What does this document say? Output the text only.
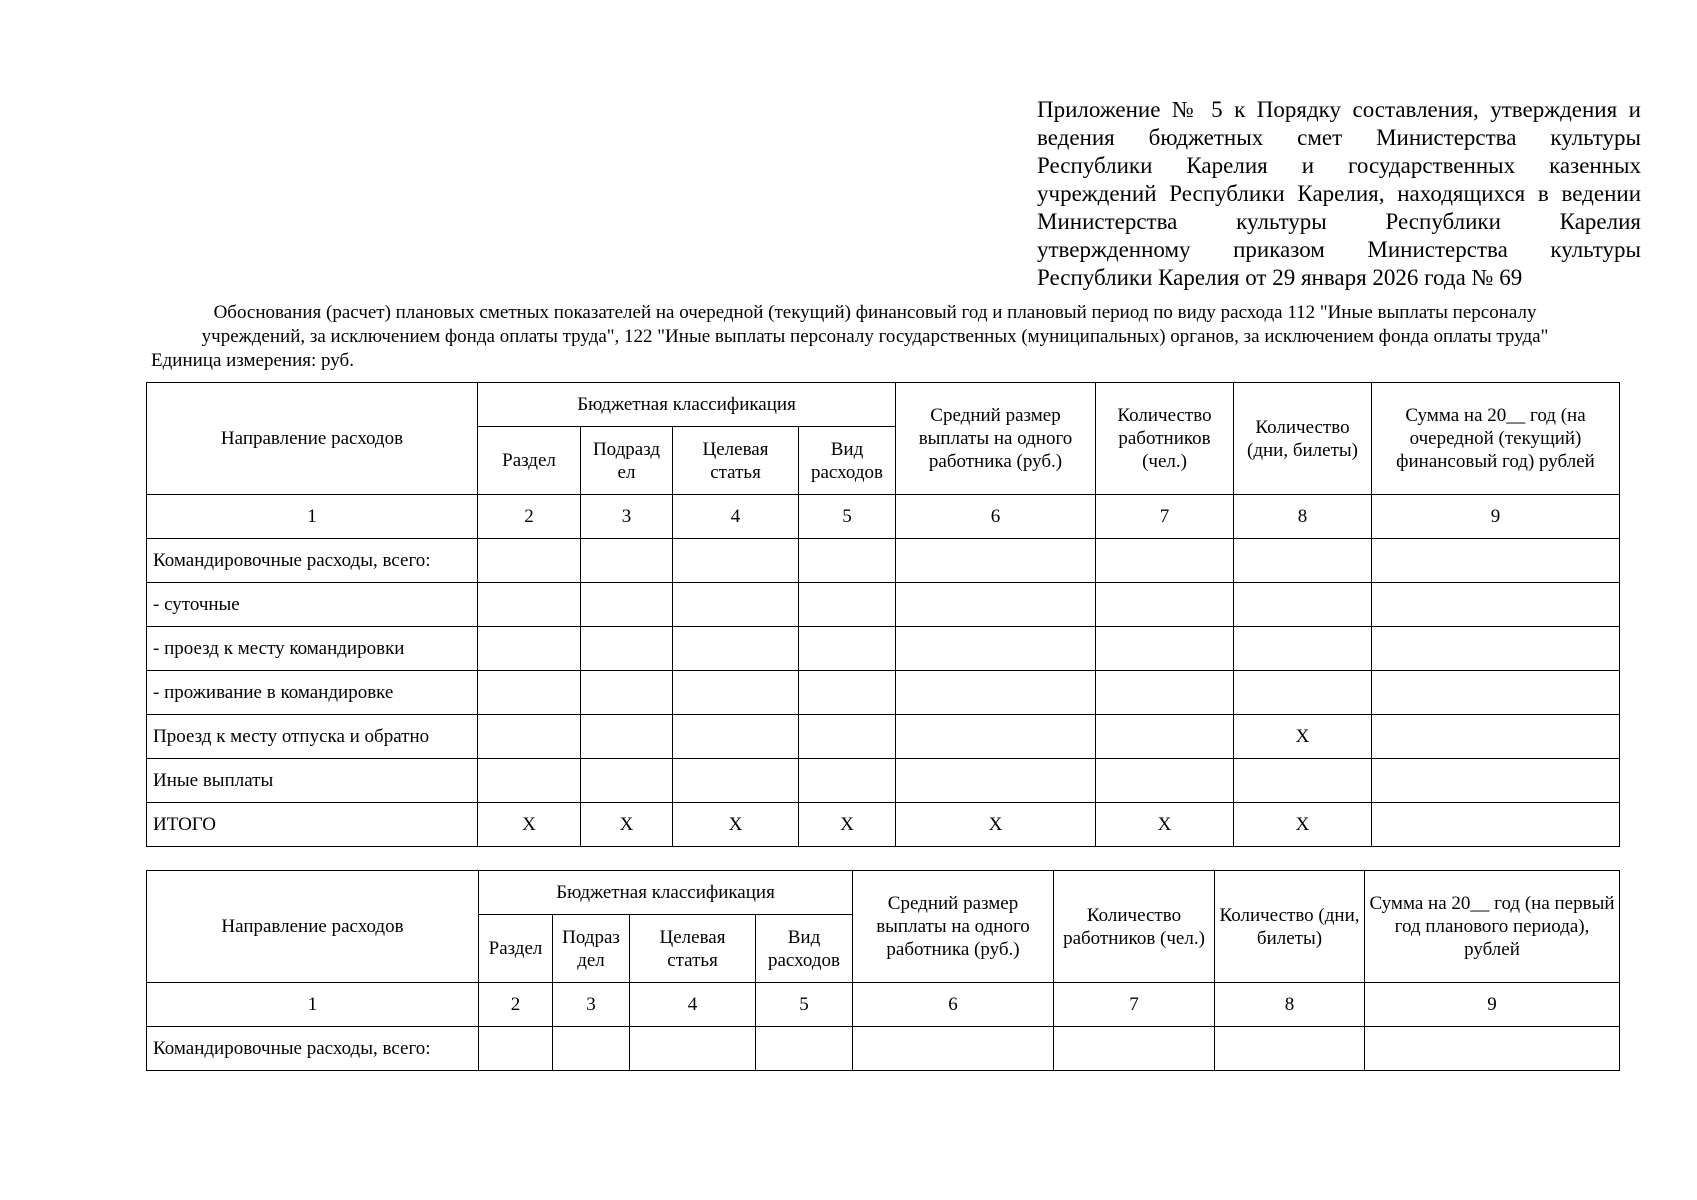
Приложение № 5 к Порядку составления, утверждения и
ведения бюджетных смет Министерства культуры
Республики Карелия и государственных казенных
учреждений Республики Карелия, находящихся в ведении
Министерства культуры Республики Карелия
утвержденному приказом Министерства культуры
Республики Карелия от 29 января 2026 года № 69
Обоснования (расчет) плановых сметных показателей на очередной (текущий) финансовый год и плановый период по виду расхода 112 "Иные выплаты персоналу
учреждений, за исключением фонда оплаты труда", 122 "Иные выплаты персоналу государственных (муниципальных) органов, за исключением фонда оплаты труда"
Единица измерения: руб.
Направление расходов	Бюджетная классификация				Средний размер выплаты на одного работника (руб.)	Количество работников (чел.)	Количество (дни, билеты)	Сумма на 20__ год (на очередной (текущий) финансовый год) рублей
	Раздел	Подразд ел	Целевая статья	Вид расходов				
1	2	3	4	5	6	7	8	9
Командировочные расходы, всего:								
- суточные								
- проезд к месту командировки								
- проживание в командировке								
Проезд к месту отпуска и обратно							X	
Иные выплаты								
ИТОГО	X	X	X	X	X	X	X	
Направление расходов	Бюджетная классификация				Средний размер выплаты на одного работника (руб.)	Количество работников (чел.)	Количество (дни, билеты)	Сумма на 20__ год (на первый год планового периода), рублей
	Раздел	Подраз дел	Целевая статья	Вид расходов				
1	2	3	4	5	6	7	8	9
Командировочные расходы, всего:								
